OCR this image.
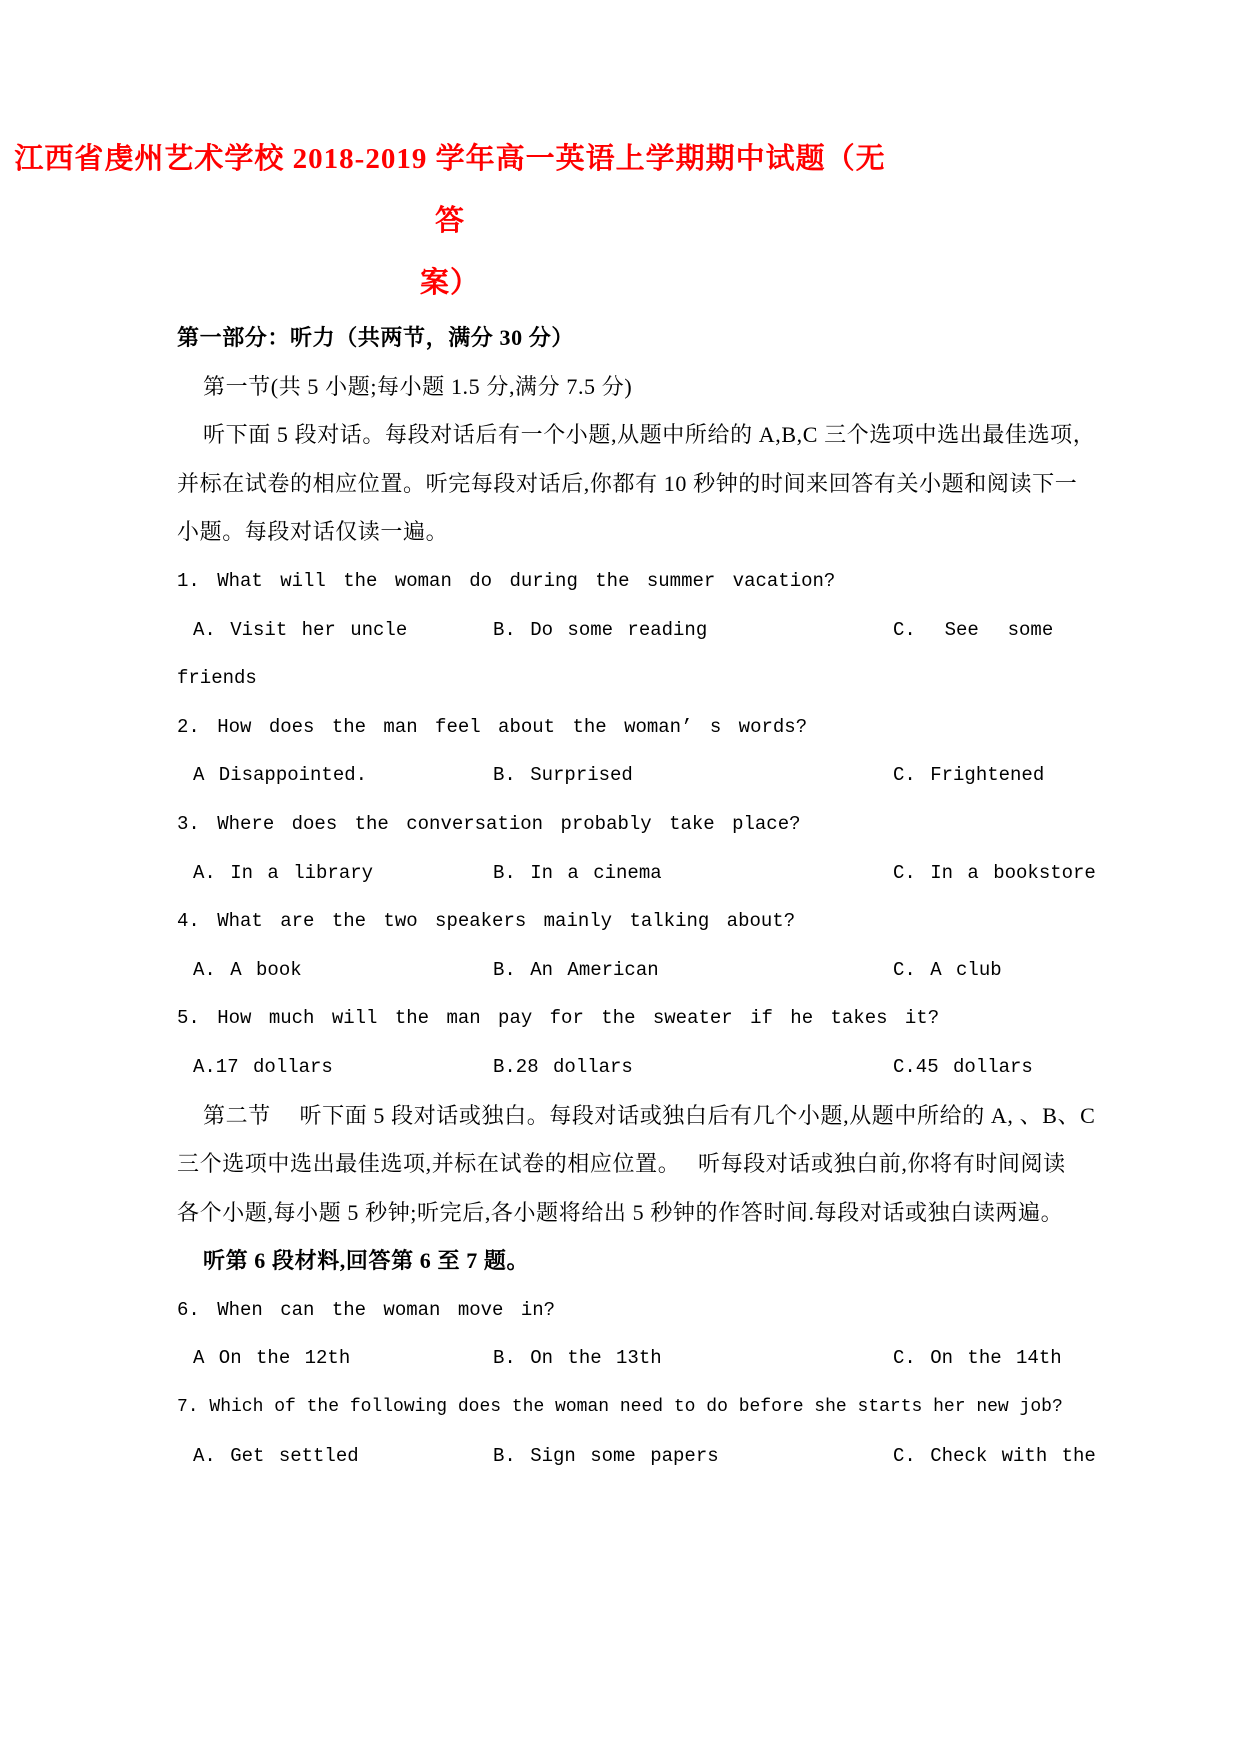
江西省虔州艺术学校 2018-2019 学年高一英语上学期期中试题（无答
案）
第一部分：听力（共两节，满分 30 分）
第一节(共 5 小题;每小题 1.5 分,满分 7.5 分)
听下面 5 段对话。每段对话后有一个小题,从题中所给的 A,B,C 三个选项中选出最佳选项，
并标在试卷的相应位置。听完每段对话后,你都有 10 秒钟的时间来回答有关小题和阅读下一
小题。每段对话仅读一遍。
1. What will the woman do during the summer vacation?
A. Visit her uncle	B. Do some reading	C.  See  some
friends
2. How does the man feel about the woman’ s words?
A Disappointed.	B. Surprised	C. Frightened
3. Where does the conversation probably take place?
A. In a library	B. In a cinema	C. In a bookstore
4. What are the two speakers mainly talking about?
A. A book	B. An American	C. A club
5. How much will the man pay for the sweater if he takes it?
A.17 dollars	B.28 dollars	C.45 dollars
第二节　 听下面 5 段对话或独白。每段对话或独白后有几个小题,从题中所给的 A, 、B、C
三个选项中选出最佳选项,并标在试卷的相应位置。　 听每段对话或独白前,你将有时间阅读
各个小题,每小题 5 秒钟;听完后,各小题将给出 5 秒钟的作答时间.每段对话或独白读两遍。
听第 6 段材料,回答第 6 至 7 题。
6. When can the woman move in?
A On the 12th	B. On the 13th	C. On the 14th
7. Which of the following does the woman need to do before she starts her new job?
A. Get settled	B. Sign some papers	C. Check with the
